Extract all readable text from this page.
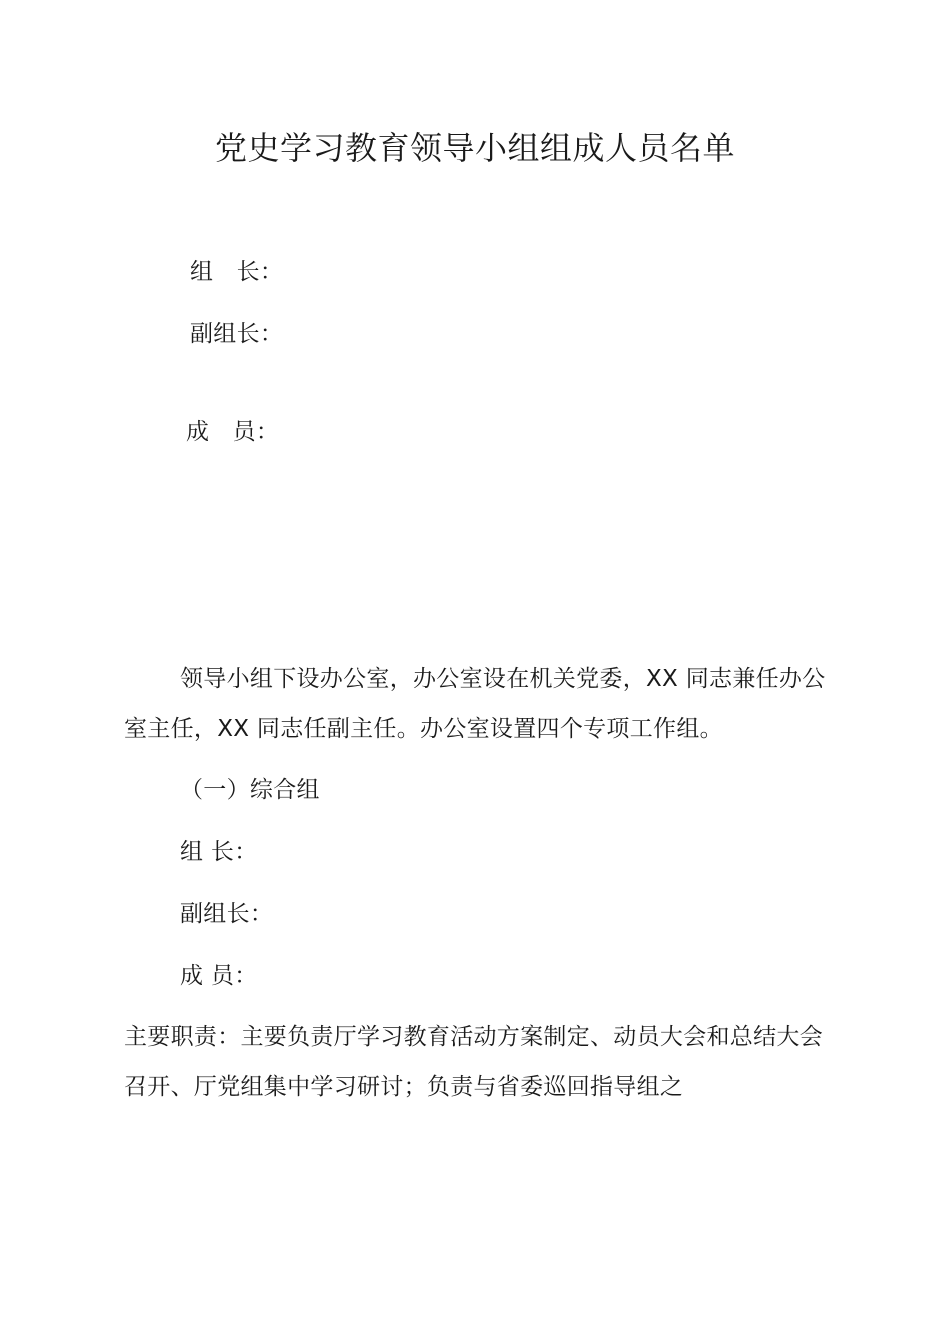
党史学习教育领导小组组成人员名单
组　长：
副组长：
成　员：
领导小组下设办公室，办公室设在机关党委，XX 同志兼任办公室主任，XX 同志任副主任。办公室设置四个专项工作组。
（一）综合组
组 长：
副组长：
成 员：
主要职责：主要负责厅学习教育活动方案制定、动员大会和总结大会召开、厅党组集中学习研讨；负责与省委巡回指导组之
